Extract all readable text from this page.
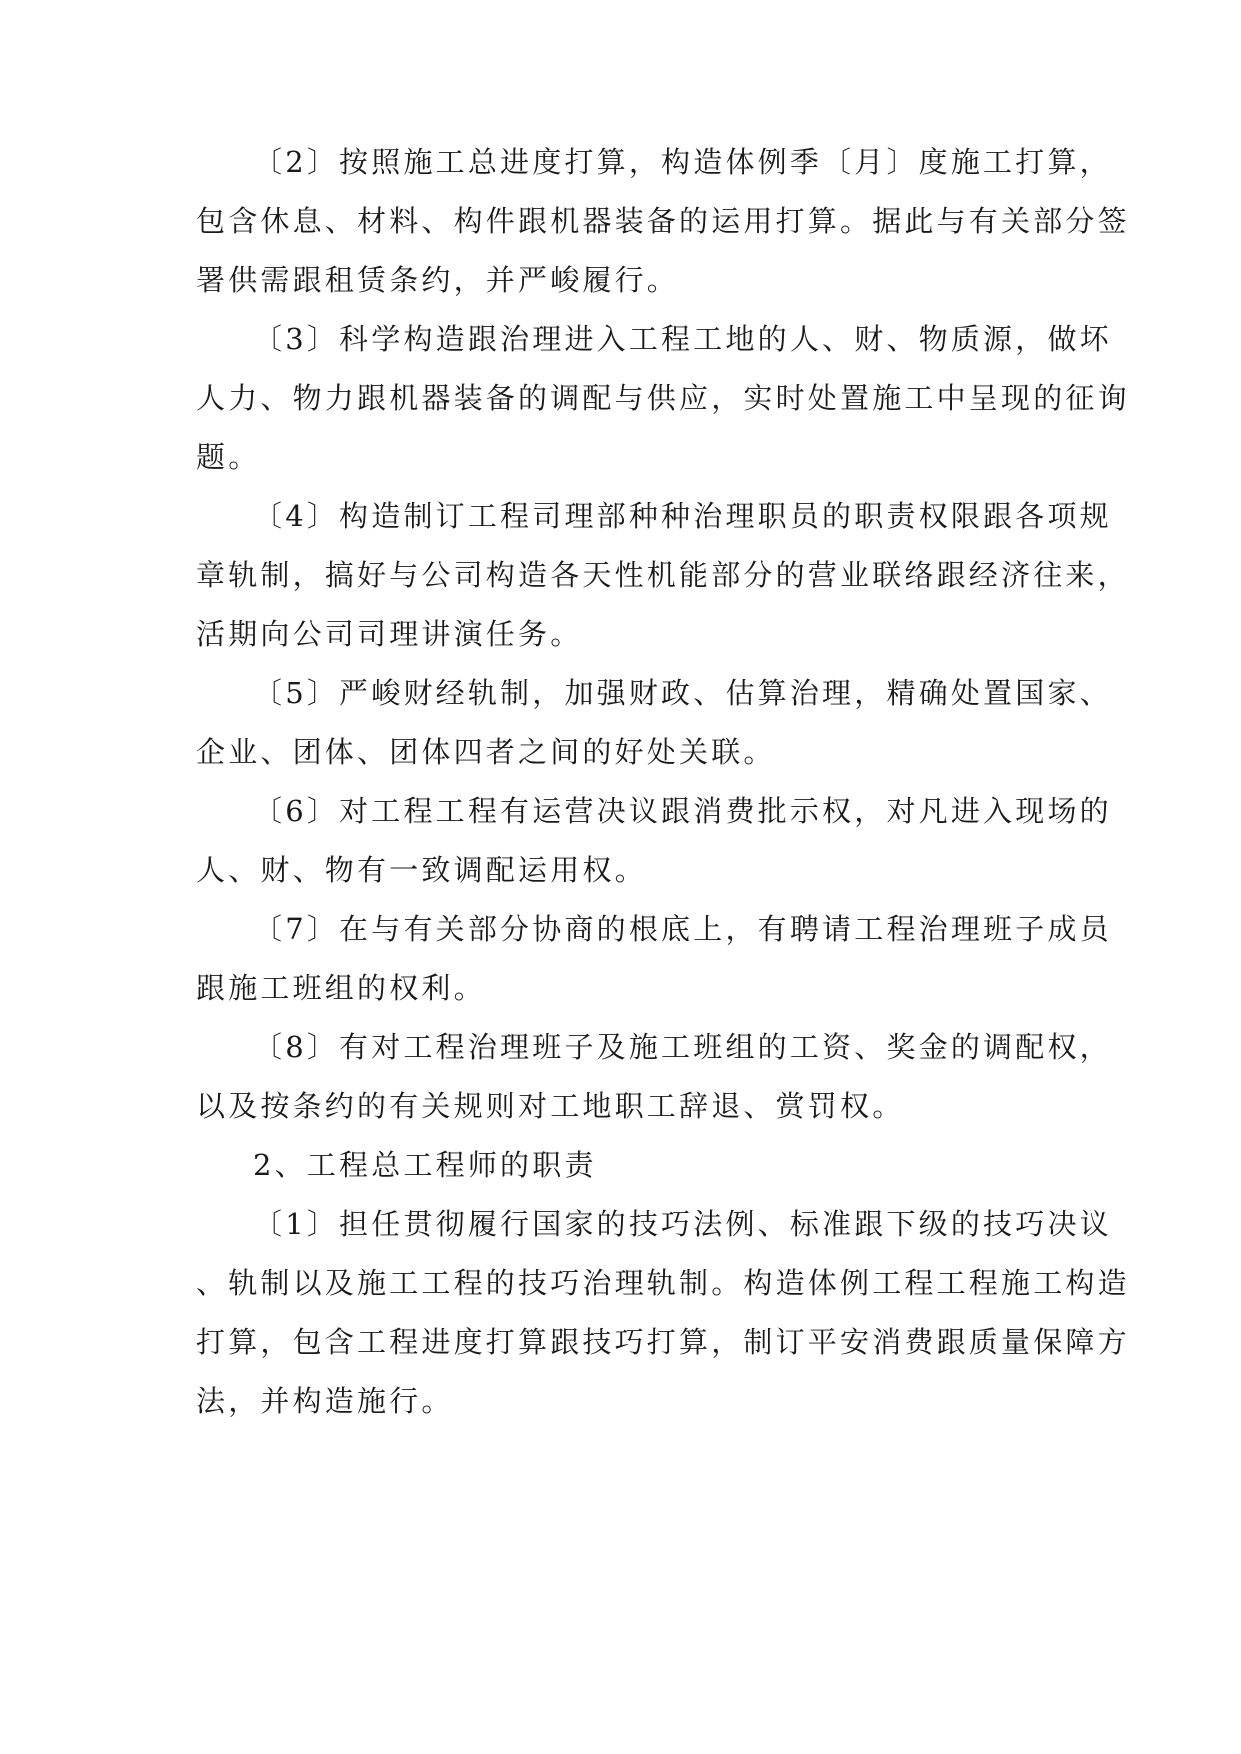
〔2〕按照施工总进度打算，构造体例季〔月〕度施工打算，
包含休息、材料、构件跟机器装备的运用打算。据此与有关部分签
署供需跟租赁条约，并严峻履行。
〔3〕科学构造跟治理进入工程工地的人、财、物质源，做坏
人力、物力跟机器装备的调配与供应，实时处置施工中呈现的征询
题。
〔4〕构造制订工程司理部种种治理职员的职责权限跟各项规
章轨制，搞好与公司构造各天性机能部分的营业联络跟经济往来，
活期向公司司理讲演任务。
〔5〕严峻财经轨制，加强财政、估算治理，精确处置国家、
企业、团体、团体四者之间的好处关联。
〔6〕对工程工程有运营决议跟消费批示权，对凡进入现场的
人、财、物有一致调配运用权。
〔7〕在与有关部分协商的根底上，有聘请工程治理班子成员
跟施工班组的权利。
〔8〕有对工程治理班子及施工班组的工资、奖金的调配权，
以及按条约的有关规则对工地职工辞退、赏罚权。
2、工程总工程师的职责
〔1〕担任贯彻履行国家的技巧法例、标准跟下级的技巧决议
、轨制以及施工工程的技巧治理轨制。构造体例工程工程施工构造
打算，包含工程进度打算跟技巧打算，制订平安消费跟质量保障方
法，并构造施行。
